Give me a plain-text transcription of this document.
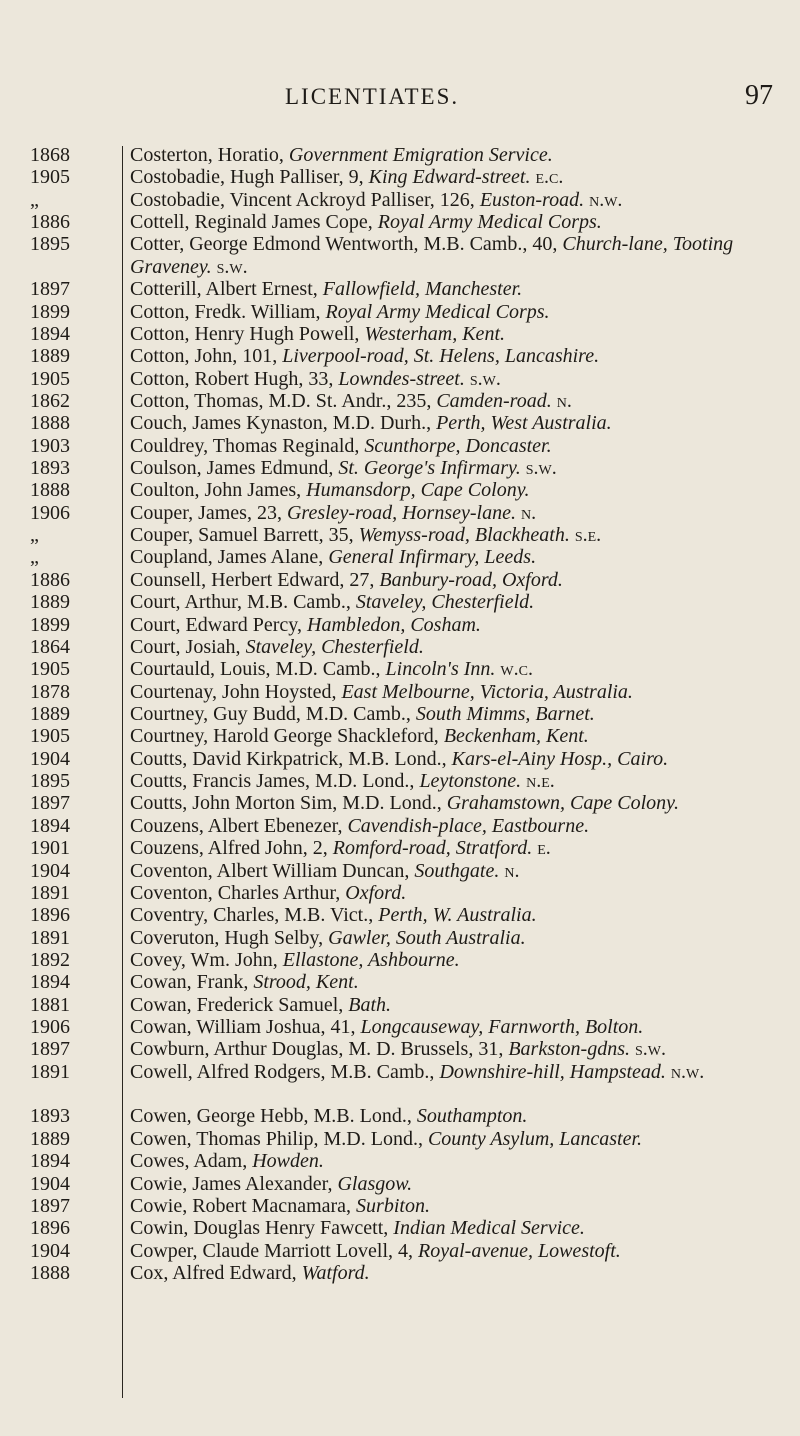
LICENTIATES.	97
1868	Costerton, Horatio, Government Emigration Service.
1905	Costobadie, Hugh Palliser, 9, King Edward-street. e.c.
„	Costobadie, Vincent Ackroyd Palliser, 126, Euston-road. n.w.
1886	Cottell, Reginald James Cope, Royal Army Medical Corps.
1895	Cotter, George Edmond Wentworth, M.B. Camb., 40, Church-lane, Tooting Graveney. s.w.
1897	Cotterill, Albert Ernest, Fallowfield, Manchester.
1899	Cotton, Fredk. William, Royal Army Medical Corps.
1894	Cotton, Henry Hugh Powell, Westerham, Kent.
1889	Cotton, John, 101, Liverpool-road, St. Helens, Lancashire.
1905	Cotton, Robert Hugh, 33, Lowndes-street. s.w.
1862	Cotton, Thomas, M.D. St. Andr., 235, Camden-road. n.
1888	Couch, James Kynaston, M.D. Durh., Perth, West Australia.
1903	Couldrey, Thomas Reginald, Scunthorpe, Doncaster.
1893	Coulson, James Edmund, St. George's Infirmary. s.w.
1888	Coulton, John James, Humansdorp, Cape Colony.
1906	Couper, James, 23, Gresley-road, Hornsey-lane. n.
„	Couper, Samuel Barrett, 35, Wemyss-road, Blackheath. s.e.
„	Coupland, James Alane, General Infirmary, Leeds.
1886	Counsell, Herbert Edward, 27, Banbury-road, Oxford.
1889	Court, Arthur, M.B. Camb., Staveley, Chesterfield.
1899	Court, Edward Percy, Hambledon, Cosham.
1864	Court, Josiah, Staveley, Chesterfield.
1905	Courtauld, Louis, M.D. Camb., Lincoln's Inn. w.c.
1878	Courtenay, John Hoysted, East Melbourne, Victoria, Australia.
1889	Courtney, Guy Budd, M.D. Camb., South Mimms, Barnet.
1905	Courtney, Harold George Shackleford, Beckenham, Kent.
1904	Coutts, David Kirkpatrick, M.B. Lond., Kars-el-Ainy Hosp., Cairo.
1895	Coutts, Francis James, M.D. Lond., Leytonstone. n.e.
1897	Coutts, John Morton Sim, M.D. Lond., Grahamstown, Cape Colony.
1894	Couzens, Albert Ebenezer, Cavendish-place, Eastbourne.
1901	Couzens, Alfred John, 2, Romford-road, Stratford. e.
1904	Coventon, Albert William Duncan, Southgate. n.
1891	Coventon, Charles Arthur, Oxford.
1896	Coventry, Charles, M.B. Vict., Perth, W. Australia.
1891	Coveruton, Hugh Selby, Gawler, South Australia.
1892	Covey, Wm. John, Ellastone, Ashbourne.
1894	Cowan, Frank, Strood, Kent.
1881	Cowan, Frederick Samuel, Bath.
1906	Cowan, William Joshua, 41, Longcauseway, Farnworth, Bolton.
1897	Cowburn, Arthur Douglas, M. D. Brussels, 31, Barkston-gdns. s.w.
1891	Cowell, Alfred Rodgers, M.B. Camb., Downshire-hill, Hampstead. n.w.
1893	Cowen, George Hebb, M.B. Lond., Southampton.
1889	Cowen, Thomas Philip, M.D. Lond., County Asylum, Lancaster.
1894	Cowes, Adam, Howden.
1904	Cowie, James Alexander, Glasgow.
1897	Cowie, Robert Macnamara, Surbiton.
1896	Cowin, Douglas Henry Fawcett, Indian Medical Service.
1904	Cowper, Claude Marriott Lovell, 4, Royal-avenue, Lowestoft.
1888	Cox, Alfred Edward, Watford.
